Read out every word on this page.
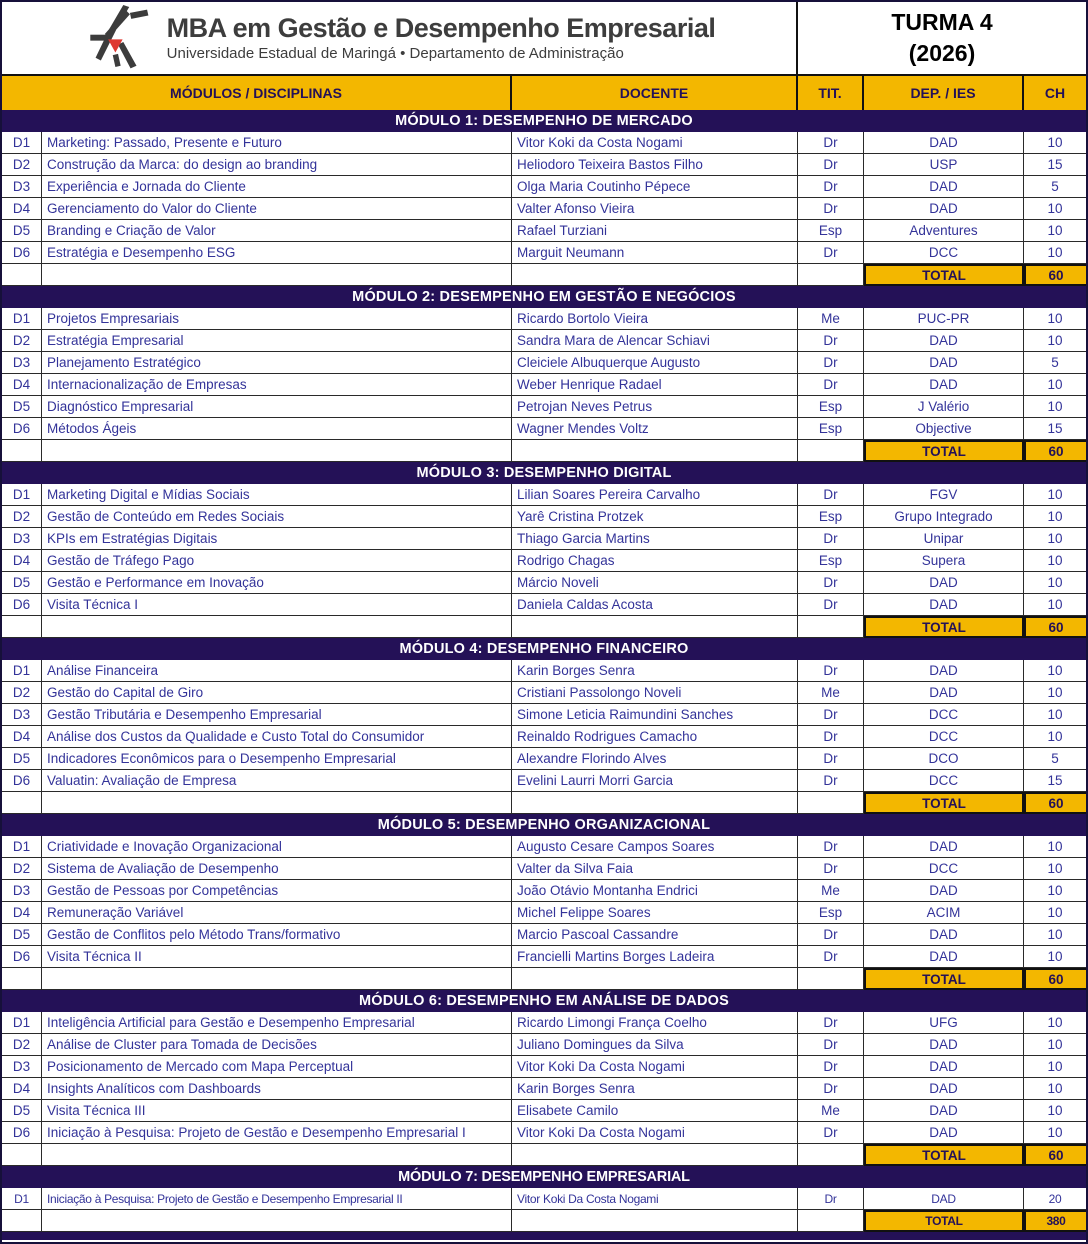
MBA em Gestão e Desempenho Empresarial
Universidade Estadual de Maringá • Departamento de Administração
TURMA 4
(2026)
MÓDULOS / DISCIPLINAS	DOCENTE	TIT.	DEP. / IES	CH
MÓDULO 1: DESEMPENHO DE MERCADO
D1	Marketing: Passado, Presente e Futuro	Vitor Koki da Costa Nogami	Dr	DAD	10
D2	Construção da Marca: do design ao branding	Heliodoro Teixeira Bastos Filho	Dr	USP	15
D3	Experiência e Jornada do Cliente	Olga Maria Coutinho Pépece	Dr	DAD	5
D4	Gerenciamento do Valor do Cliente	Valter Afonso Vieira	Dr	DAD	10
D5	Branding e Criação de Valor	Rafael Turziani	Esp	Adventures	10
D6	Estratégia e Desempenho ESG	Marguit Neumann	Dr	DCC	10
TOTAL	60
MÓDULO 2: DESEMPENHO EM GESTÃO E NEGÓCIOS
D1	Projetos Empresariais	Ricardo Bortolo Vieira	Me	PUC-PR	10
D2	Estratégia Empresarial	Sandra Mara de Alencar Schiavi	Dr	DAD	10
D3	Planejamento Estratégico	Cleiciele Albuquerque Augusto	Dr	DAD	5
D4	Internacionalização de Empresas	Weber Henrique Radael	Dr	DAD	10
D5	Diagnóstico Empresarial	Petrojan Neves Petrus	Esp	J Valério	10
D6	Métodos Ágeis	Wagner Mendes Voltz	Esp	Objective	15
TOTAL	60
MÓDULO 3: DESEMPENHO DIGITAL
D1	Marketing Digital e Mídias Sociais	Lilian Soares Pereira Carvalho	Dr	FGV	10
D2	Gestão de Conteúdo em Redes Sociais	Yarê Cristina Protzek	Esp	Grupo Integrado	10
D3	KPIs em Estratégias Digitais	Thiago Garcia Martins	Dr	Unipar	10
D4	Gestão de Tráfego Pago	Rodrigo Chagas	Esp	Supera	10
D5	Gestão e Performance em Inovação	Márcio Noveli	Dr	DAD	10
D6	Visita Técnica I	Daniela Caldas Acosta	Dr	DAD	10
TOTAL	60
MÓDULO 4: DESEMPENHO FINANCEIRO
D1	Análise Financeira	Karin Borges Senra	Dr	DAD	10
D2	Gestão do Capital de Giro	Cristiani Passolongo Noveli	Me	DAD	10
D3	Gestão Tributária e Desempenho Empresarial	Simone Leticia Raimundini Sanches	Dr	DCC	10
D4	Análise dos Custos da Qualidade e Custo Total do Consumidor	Reinaldo Rodrigues Camacho	Dr	DCC	10
D5	Indicadores Econômicos para o Desempenho Empresarial	Alexandre Florindo Alves	Dr	DCO	5
D6	Valuatin: Avaliação de Empresa	Evelini Laurri Morri Garcia	Dr	DCC	15
TOTAL	60
MÓDULO 5: DESEMPENHO ORGANIZACIONAL
D1	Criatividade e Inovação Organizacional	Augusto Cesare Campos Soares	Dr	DAD	10
D2	Sistema de Avaliação de Desempenho	Valter da Silva Faia	Dr	DCC	10
D3	Gestão de Pessoas por Competências	João Otávio Montanha Endrici	Me	DAD	10
D4	Remuneração Variável	Michel Felippe Soares	Esp	ACIM	10
D5	Gestão de Conflitos pelo Método Trans/formativo	Marcio Pascoal Cassandre	Dr	DAD	10
D6	Visita Técnica II	Francielli Martins Borges Ladeira	Dr	DAD	10
TOTAL	60
MÓDULO 6: DESEMPENHO EM ANÁLISE DE DADOS
D1	Inteligência Artificial para Gestão e Desempenho Empresarial	Ricardo Limongi França Coelho	Dr	UFG	10
D2	Análise de Cluster para Tomada de Decisões	Juliano Domingues da Silva	Dr	DAD	10
D3	Posicionamento de Mercado com Mapa Perceptual	Vitor Koki Da Costa Nogami	Dr	DAD	10
D4	Insights Analíticos com Dashboards	Karin Borges Senra	Dr	DAD	10
D5	Visita Técnica III	Elisabete Camilo	Me	DAD	10
D6	Iniciação à Pesquisa: Projeto de Gestão e Desempenho Empresarial I	Vitor Koki Da Costa Nogami	Dr	DAD	10
TOTAL	60
MÓDULO 7: DESEMPENHO EMPRESARIAL
D1	Iniciação à Pesquisa: Projeto de Gestão e Desempenho Empresarial II	Vitor Koki Da Costa Nogami	Dr	DAD	20
TOTAL	380
